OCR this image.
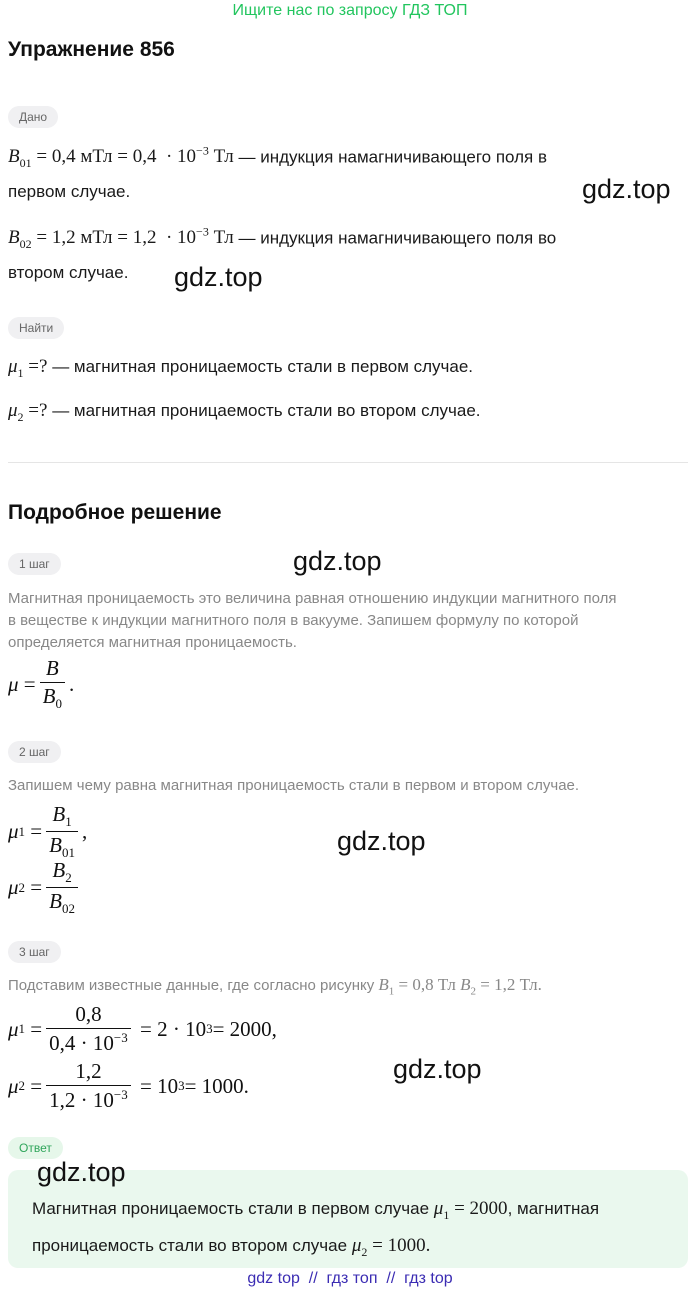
Ищите нас по запросу ГДЗ ТОП
Упражнение 856
Дано
$B_{01} = 0,4$ мТл = $0,4 \cdot 10^{-3}$ Тл — индукция намагничивающего поля в
первом случае.
$B_{02} = 1,2$ мТл = $1,2 \cdot 10^{-3}$ Тл — индукция намагничивающего поля во
втором случае.
Найти
$\mu_1$ =? — магнитная проницаемость стали в первом случае.
$\mu_2$ =? — магнитная проницаемость стали во втором случае.
Подробное решение
1 шаг
Магнитная проницаемость это величина равная отношению индукции магнитного поля
в веществе к индукции магнитного поля в вакууме. Запишем формулу по которой
определяется магнитная проницаемость.
$\mu = \frac{B}{B_0}$ .
2 шаг
Запишем чему равна магнитная проницаемость стали в первом и втором случае.
μ $1 = \frac{B_1}{B_{01}}$ ,
μ $2 = \frac{B_2}{B_{02}}$
3 шаг
Подставим известные данные, где согласно рисунку $B_1 = 0,8$ Тл $B_2 = 1,2$ Тл.
μ $1 = \frac{0,8}{0,4 \cdot 10^{-3}} = 2 \cdot 10$ 3 = 2000,
μ $2 = \frac{1,2}{1,2 \cdot 10^{-3}} = 10$ 3 = 1000.
Ответ
Магнитная проницаемость стали в первом случае $\mu_1 = 2000$, магнитная
проницаемость стали во втором случае $\mu_2 = 1000$.
gdz.top
gdz.top
gdz.top
gdz.top
gdz.top
gdz.top
gdz top  //  гдз топ  //  гдз top
